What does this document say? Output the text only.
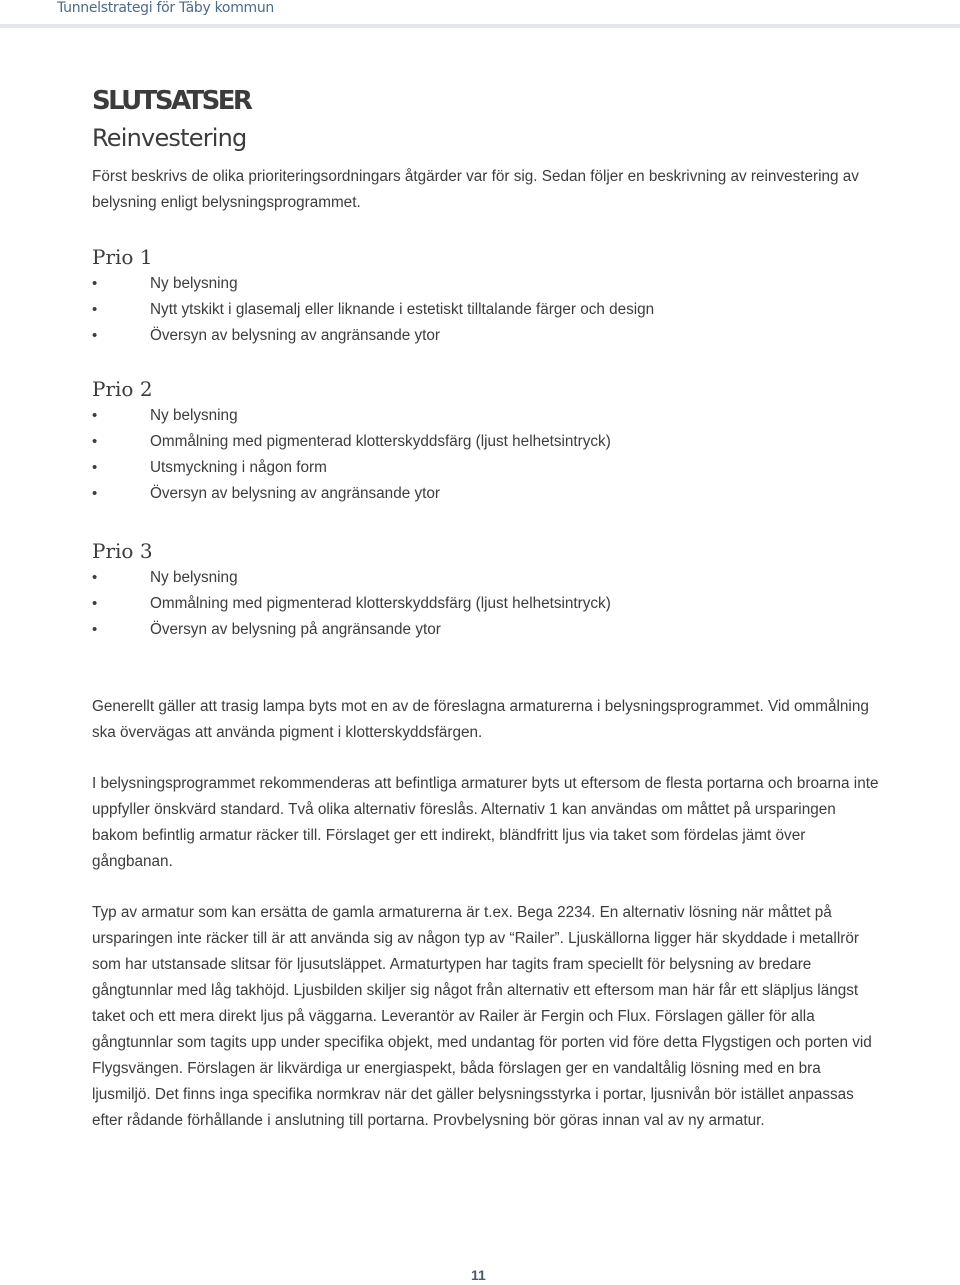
Tunnelstrategi för Täby kommun
SLUTSATSER
Reinvestering
Först beskrivs de olika prioriteringsordningars åtgärder var för sig. Sedan följer en beskrivning av reinvestering av belysning enligt belysningsprogrammet.
Prio 1
•	Ny belysning
•	Nytt ytskikt i glasemalj eller liknande i estetiskt tilltalande färger och design
•	Översyn av belysning av angränsande ytor
Prio 2
•	Ny belysning
•	Ommålning med pigmenterad klotterskyddsfärg (ljust helhetsintryck)
•	Utsmyckning i någon form
•	Översyn av belysning av angränsande ytor
Prio 3
•	Ny belysning
•	Ommålning med pigmenterad klotterskyddsfärg (ljust helhetsintryck)
•	Översyn av belysning på angränsande ytor
Generellt gäller att trasig lampa byts mot en av de föreslagna armaturerna i belysningsprogrammet. Vid ommålning ska övervägas att använda pigment i klotterskyddsfärgen.
I belysningsprogrammet rekommenderas att befintliga armaturer byts ut eftersom de flesta portarna och broarna inte uppfyller önskvärd standard. Två olika alternativ föreslås. Alternativ 1 kan användas om måttet på ursparingen bakom befintlig armatur räcker till. Förslaget ger ett indirekt, bländfritt ljus via taket som fördelas jämt över gångbanan.
Typ av armatur som kan ersätta de gamla armaturerna är t.ex. Bega 2234. En alternativ lösning när måttet på ursparingen inte räcker till är att använda sig av någon typ av “Railer”. Ljuskällorna ligger här skyddade i metallrör som har utstansade slitsar för ljusutsläppet. Armaturtypen har tagits fram speciellt för belysning av bredare gångtunnlar med låg takhöjd. Ljusbilden skiljer sig något från alternativ ett eftersom man här får ett släpljus längst taket och ett mera direkt ljus på väggarna. Leverantör av Railer är Fergin och Flux. Förslagen gäller för alla gångtunnlar som tagits upp under specifika objekt, med undantag för porten vid före detta Flygstigen och porten vid Flygsvängen. Förslagen är likvärdiga ur energiaspekt, båda förslagen ger en vandaltålig lösning med en bra ljusmiljö. Det finns inga specifika normkrav när det gäller belysningsstyrka i portar, ljusnivån bör istället anpassas efter rådande förhållande i anslutning till portarna. Provbelysning bör göras innan val av ny armatur.
11
